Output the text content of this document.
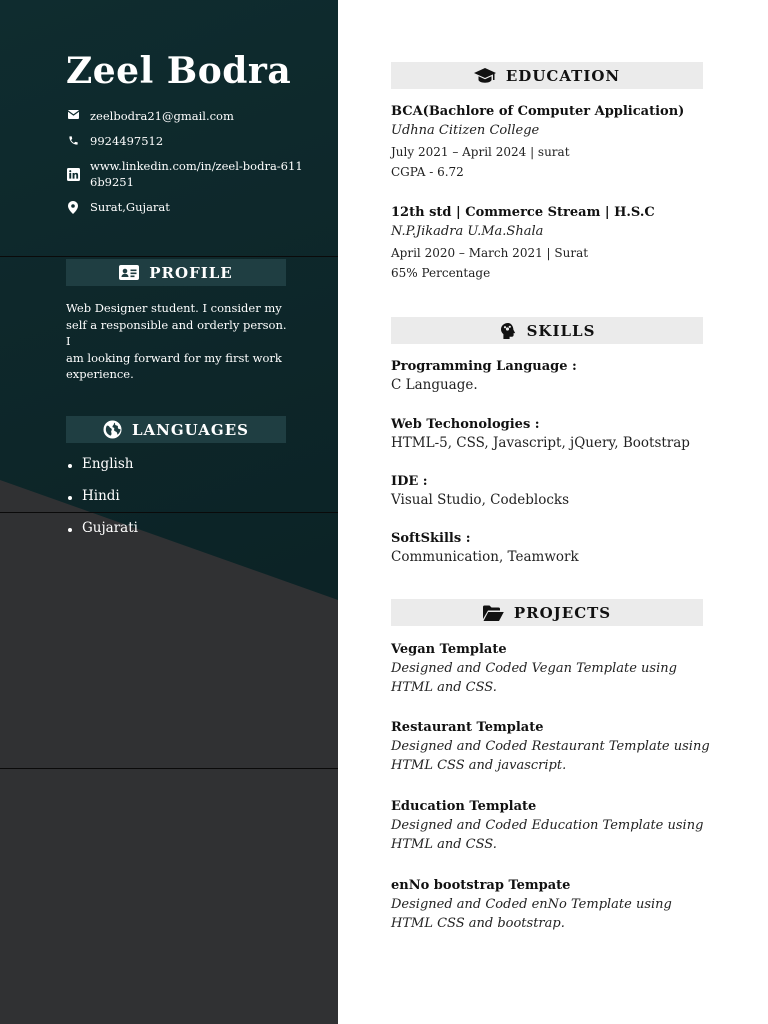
Zeel Bodra
zeelbodra21@gmail.com
9924497512
www.linkedin.com/in/zeel-bodra-6116b9251
Surat,Gujarat
PROFILE
Web Designer student. I consider my
self a responsible and orderly person.
I
am looking forward for my first work
experience.
LANGUAGES
English
Hindi
Gujarati
EDUCATION
BCA(Bachlore of Computer Application)
Udhna Citizen College
July 2021 – April 2024 | surat
CGPA - 6.72
12th std | Commerce Stream | H.S.C
N.P.Jikadra U.Ma.Shala
April 2020 – March 2021 | Surat
65% Percentage
SKILLS
Programming Language :
C Language.
Web Techonologies :
HTML-5, CSS, Javascript, jQuery, Bootstrap
IDE :
Visual Studio, Codeblocks
SoftSkills :
Communication, Teamwork
PROJECTS
Vegan Template
Designed and Coded Vegan Template using
HTML and CSS.
Restaurant Template
Designed and Coded Restaurant Template using
HTML CSS and javascript.
Education Template
Designed and Coded Education Template using
HTML and CSS.
enNo bootstrap Tempate
Designed and Coded enNo Template using
HTML CSS and bootstrap.
